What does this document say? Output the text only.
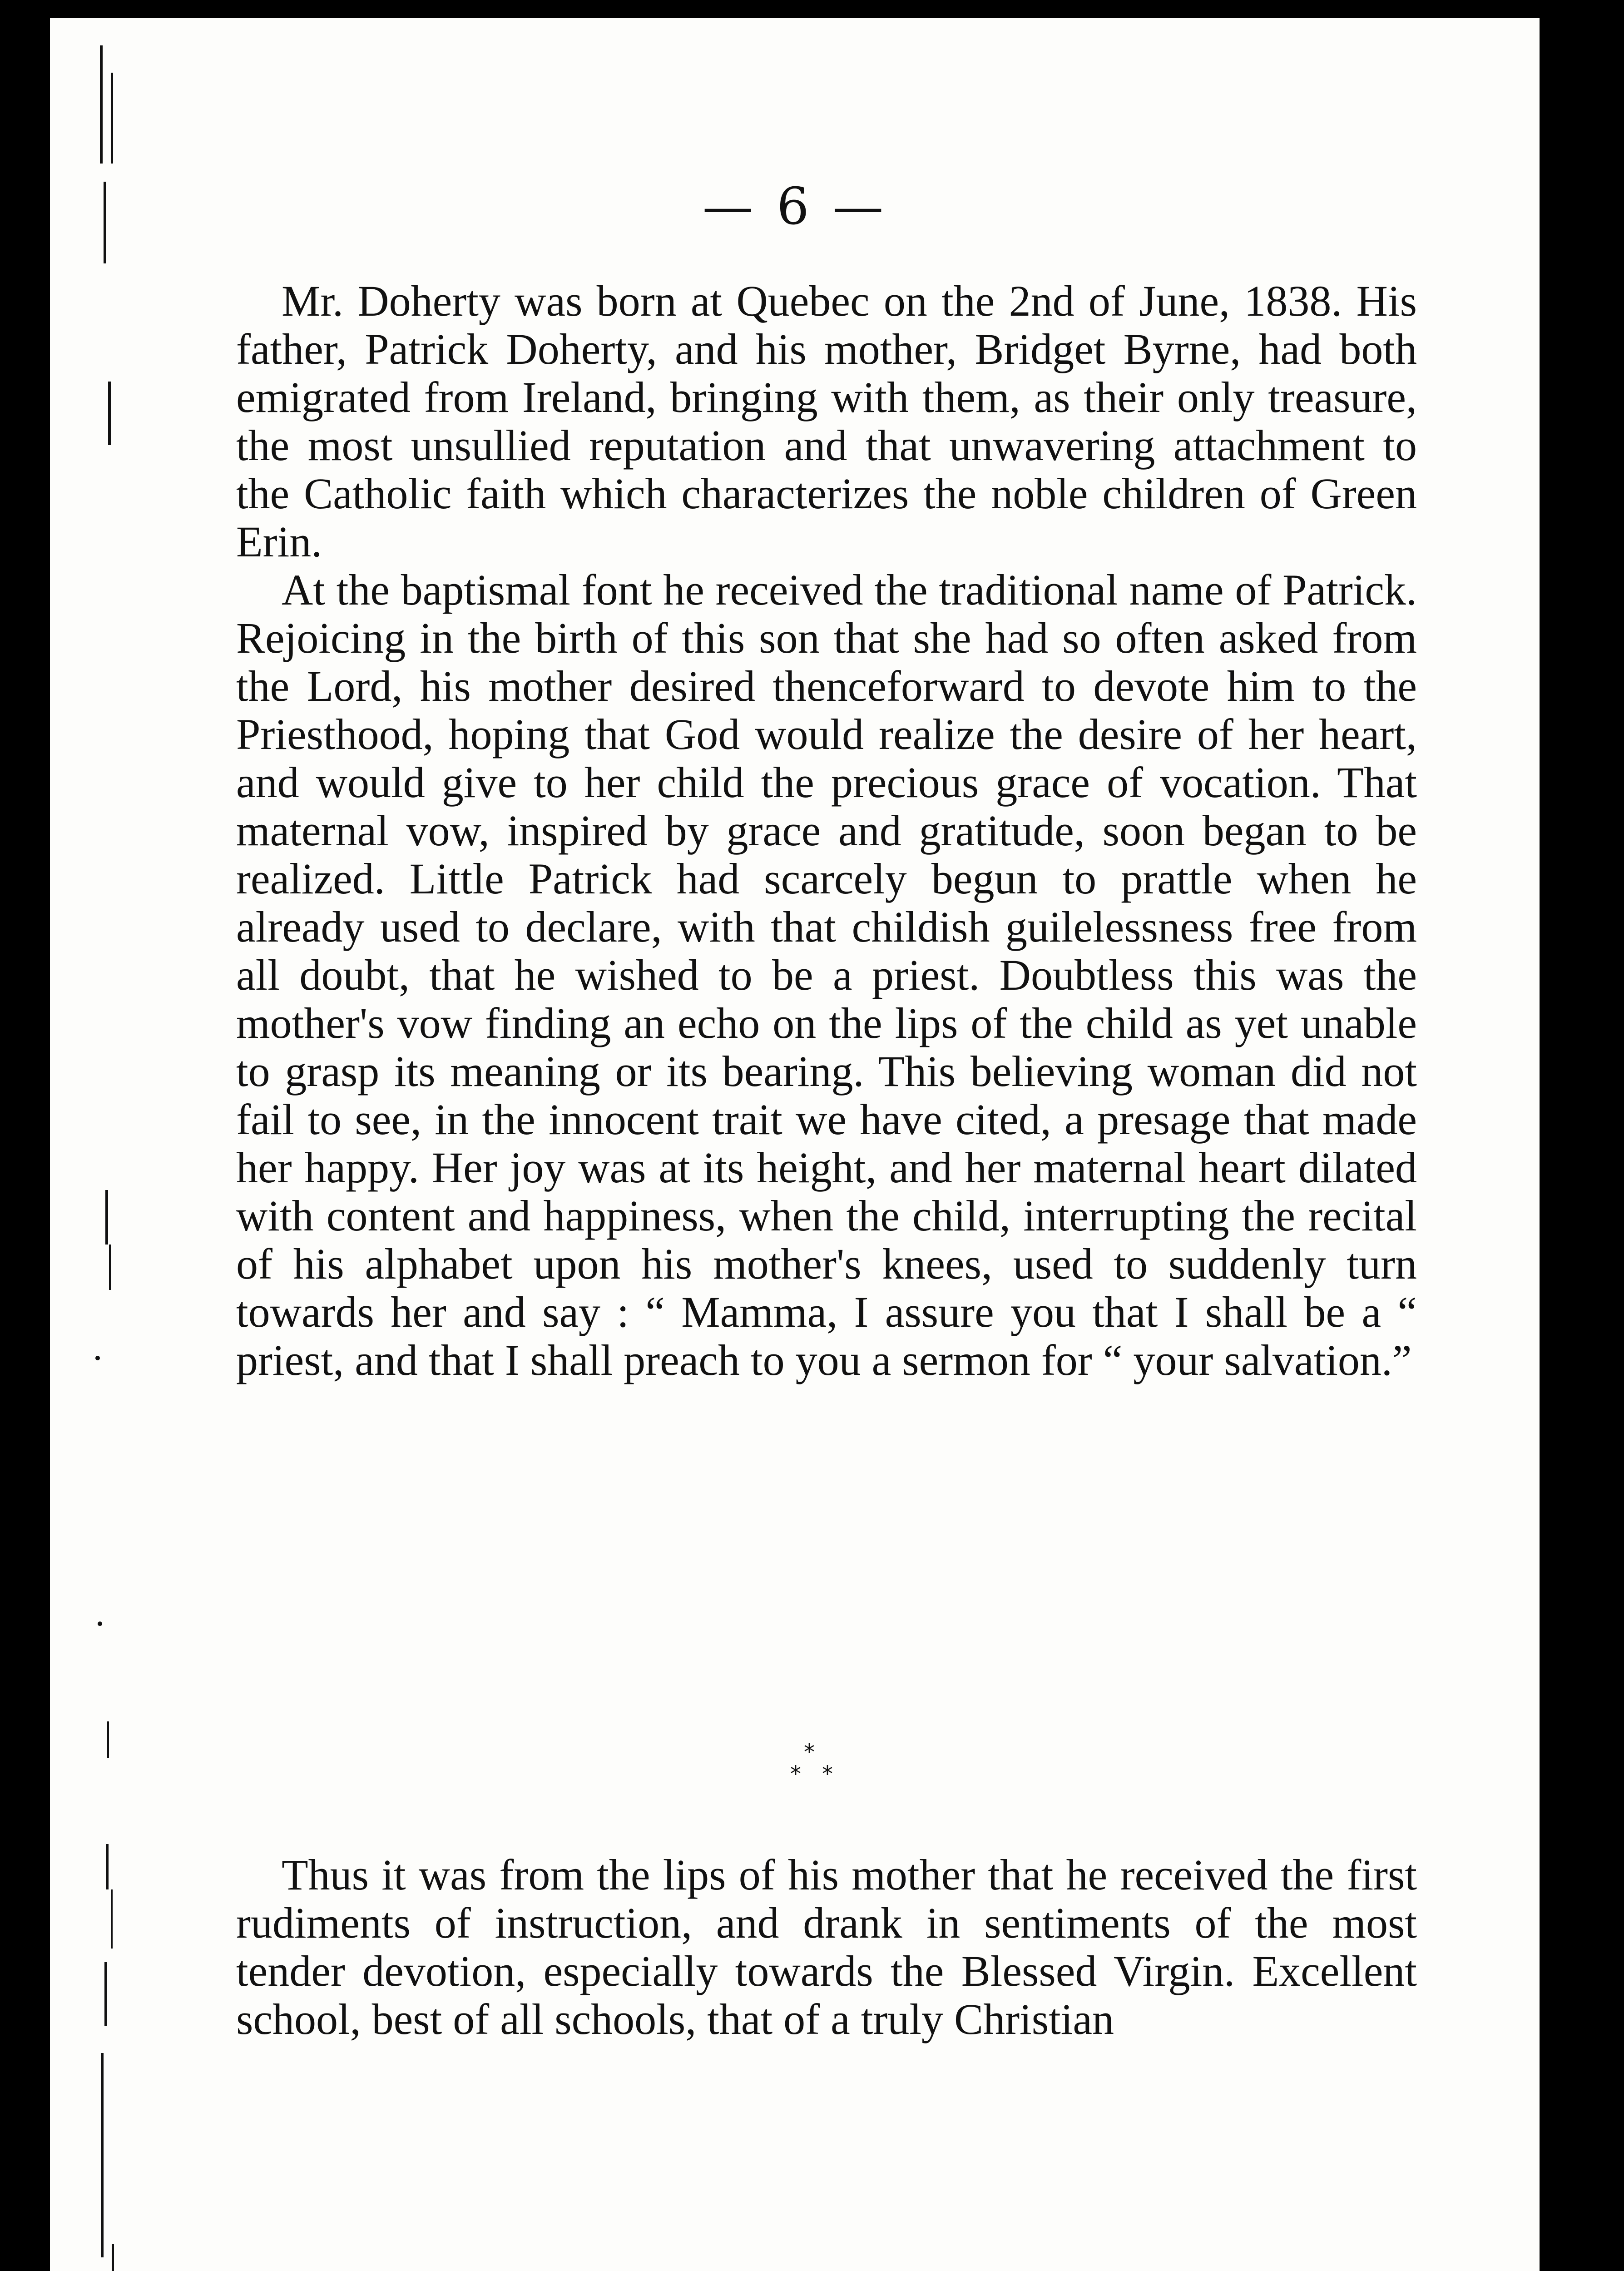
— 6 —

Mr. Doherty was born at Quebec on the 2nd of June, 1838. His father, Patrick Doherty, and his mother, Bridget Byrne, had both emigrated from Ireland, bringing with them, as their only treasure, the most unsullied reputation and that unwavering attachment to the Catholic faith which characterizes the noble children of Green Erin.

At the baptismal font he received the traditional name of Patrick. Rejoicing in the birth of this son that she had so often asked from the Lord, his mother desired thenceforward to devote him to the Priesthood, hoping that God would realize the desire of her heart, and would give to her child the precious grace of vocation. That maternal vow, inspired by grace and gratitude, soon began to be realized. Little Patrick had scarcely begun to prattle when he already used to declare, with that childish guilelessness free from all doubt, that he wished to be a priest. Doubtless this was the mother's vow finding an echo on the lips of the child as yet unable to grasp its meaning or its bearing. This believing woman did not fail to see, in the innocent trait we have cited, a presage that made her happy. Her joy was at its height, and her maternal heart dilated with content and happiness, when the child, interrupting the recital of his alphabet upon his mother's knees, used to suddenly turn towards her and say : “ Mamma, I assure you that I shall be a “ priest, and that I shall preach to you a sermon for “ your salvation.”

*
* *

Thus it was from the lips of his mother that he received the first rudiments of instruction, and drank in sentiments of the most tender devotion, especially towards the Blessed Virgin. Excellent school, best of all schools, that of a truly Christian
